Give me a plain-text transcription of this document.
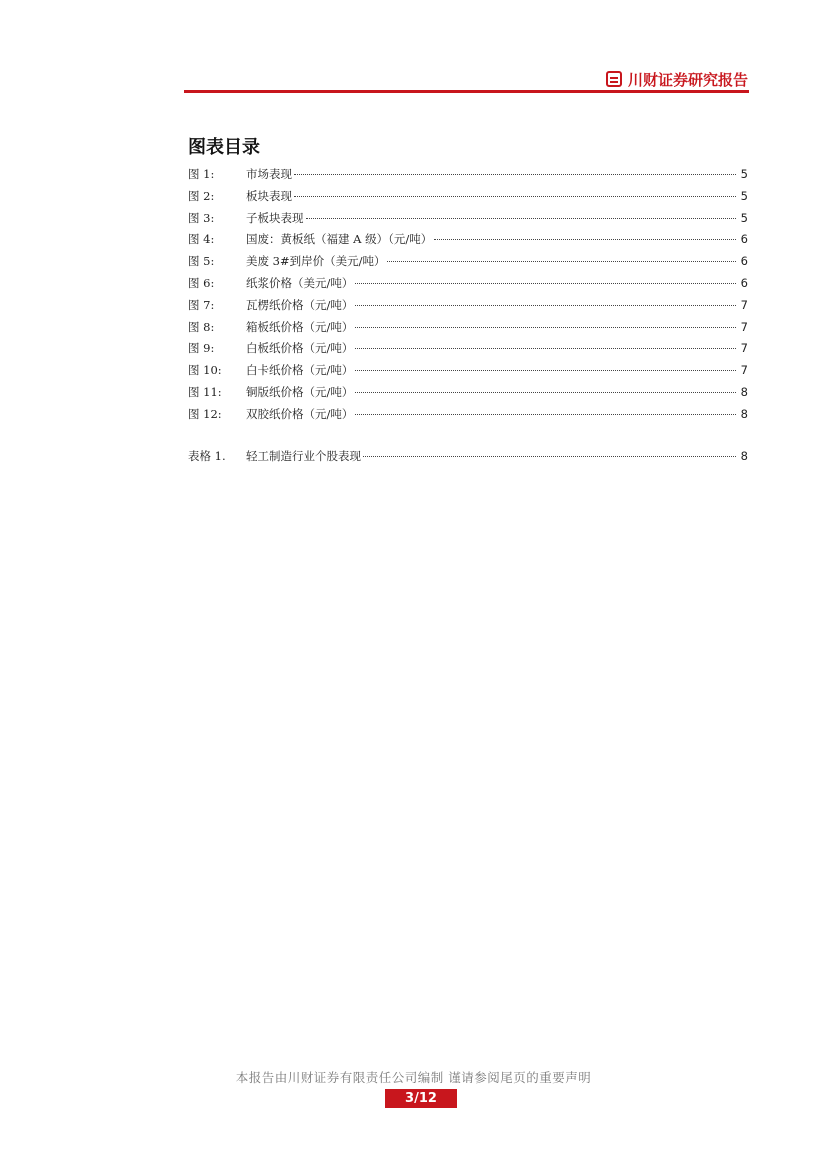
川财证券研究报告
图表目录
图 1:	市场表现	5
图 2:	板块表现	5
图 3:	子板块表现	5
图 4:	国废：黄板纸（福建 A 级）（元/吨）	6
图 5:	美废 3#到岸价（美元/吨）	6
图 6:	纸浆价格（美元/吨）	6
图 7:	瓦楞纸价格（元/吨）	7
图 8:	箱板纸价格（元/吨）	7
图 9:	白板纸价格（元/吨）	7
图 10:	白卡纸价格（元/吨）	7
图 11:	铜版纸价格（元/吨）	8
图 12:	双胶纸价格（元/吨）	8
表格 1.	轻工制造行业个股表现	8
本报告由川财证券有限责任公司编制 谨请参阅尾页的重要声明
3/12
